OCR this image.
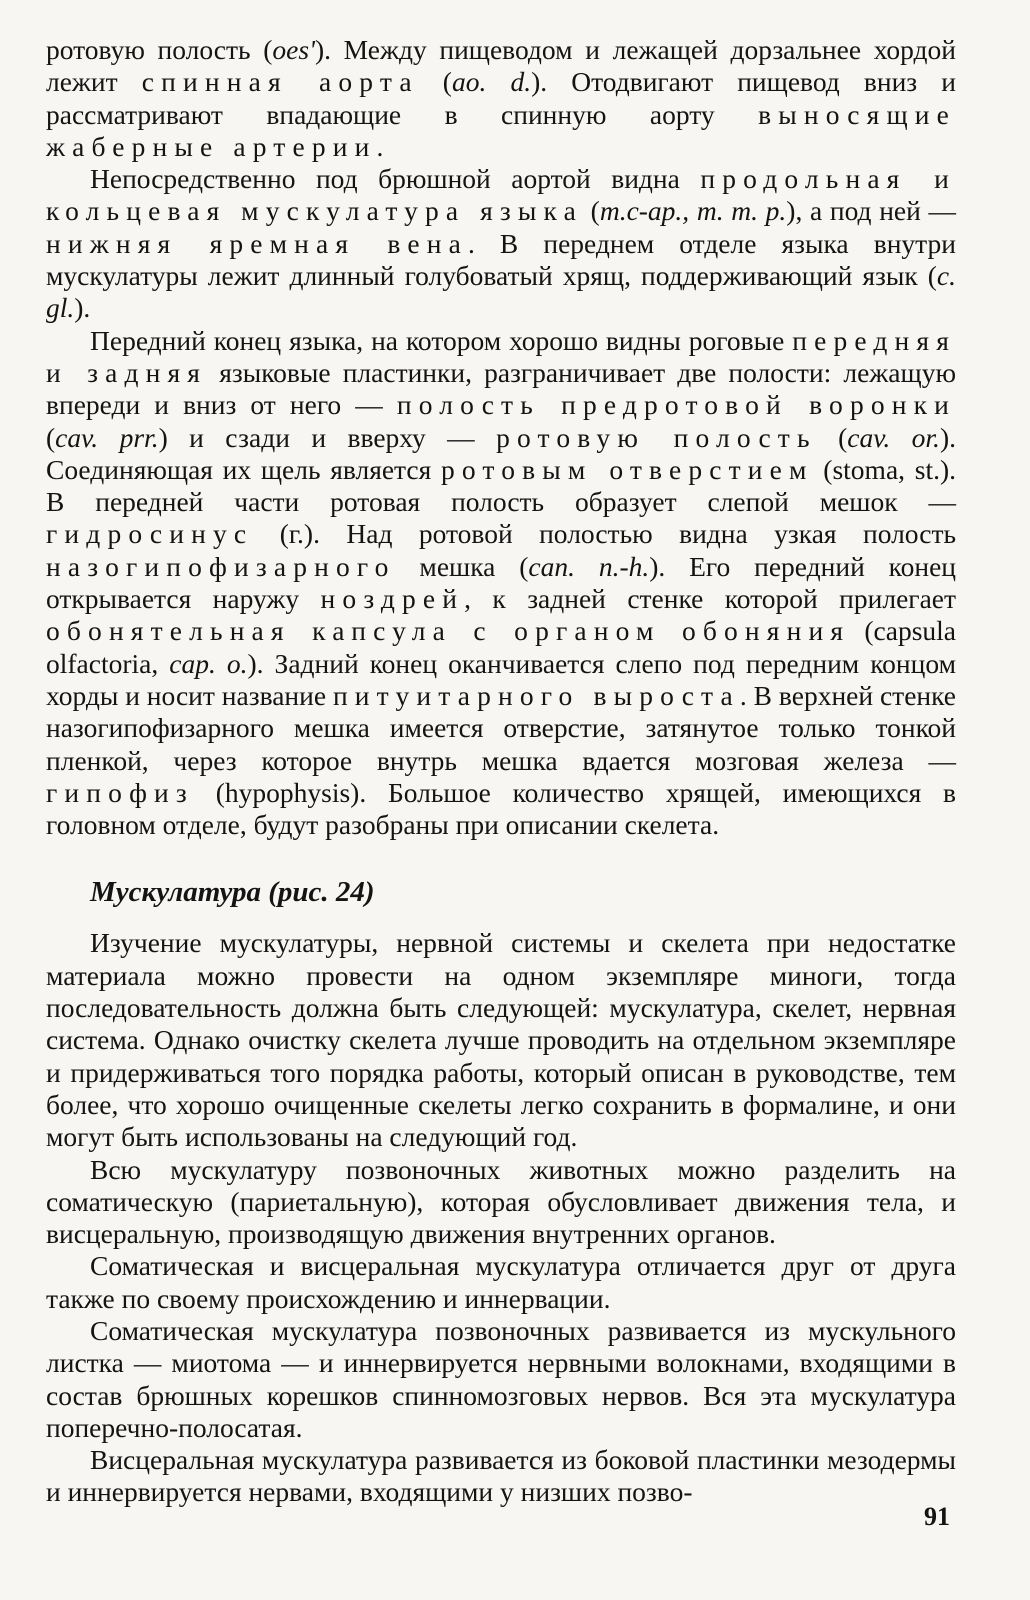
ротовую полость (oes'). Между пищеводом и лежащей дорзальнее хордой лежит спинная аорта (ao. d.). Отодвигают пищевод вниз и рассматривают впадающие в спинную аорту выносящие жаберные артерии.

Непосредственно под брюшной аортой видна продольная и кольцевая мускулатура языка (m.c-ap., m. m. p.), а под ней — нижняя яремная вена. В переднем отделе языка внутри мускулатуры лежит длинный голубоватый хрящ, поддерживающий язык (c. gl.).

Передний конец языка, на котором хорошо видны роговые передняя и задняя языковые пластинки, разграничивает две полости: лежащую впереди и вниз от него — полость предротовой воронки (cav. prr.) и сзади и вверху — ротовую полость (cav. or.). Соединяющая их щель является ротовым отверстием (stoma, st.). В передней части ротовая полость образует слепой мешок — гидросинус (г.). Над ротовой полостью видна узкая полость назогипофизарного мешка (can. n.-h.). Его передний конец открывается наружу ноздрей, к задней стенке которой прилегает обонятельная капсула с органом обоняния (capsula olfactoria, cap. o.). Задний конец оканчивается слепо под передним концом хорды и носит название питуитарного выроста. В верхней стенке назогипофизарного мешка имеется отверстие, затянутое только тонкой пленкой, через которое внутрь мешка вдается мозговая железа — гипофиз (hypophysis). Большое количество хрящей, имеющихся в головном отделе, будут разобраны при описании скелета.

Мускулатура (рис. 24)

Изучение мускулатуры, нервной системы и скелета при недостатке материала можно провести на одном экземпляре миноги, тогда последовательность должна быть следующей: мускулатура, скелет, нервная система. Однако очистку скелета лучше проводить на отдельном экземпляре и придерживаться того порядка работы, который описан в руководстве, тем более, что хорошо очищенные скелеты легко сохранить в формалине, и они могут быть использованы на следующий год.

Всю мускулатуру позвоночных животных можно разделить на соматическую (париетальную), которая обусловливает движения тела, и висцеральную, производящую движения внутренних органов.

Соматическая и висцеральная мускулатура отличается друг от друга также по своему происхождению и иннервации.

Соматическая мускулатура позвоночных развивается из мускульного листка — миотома — и иннервируется нервными волокнами, входящими в состав брюшных корешков спинномозговых нервов. Вся эта мускулатура поперечно-полосатая.

Висцеральная мускулатура развивается из боковой пластинки мезодермы и иннервируется нервами, входящими у низших позво-

91
